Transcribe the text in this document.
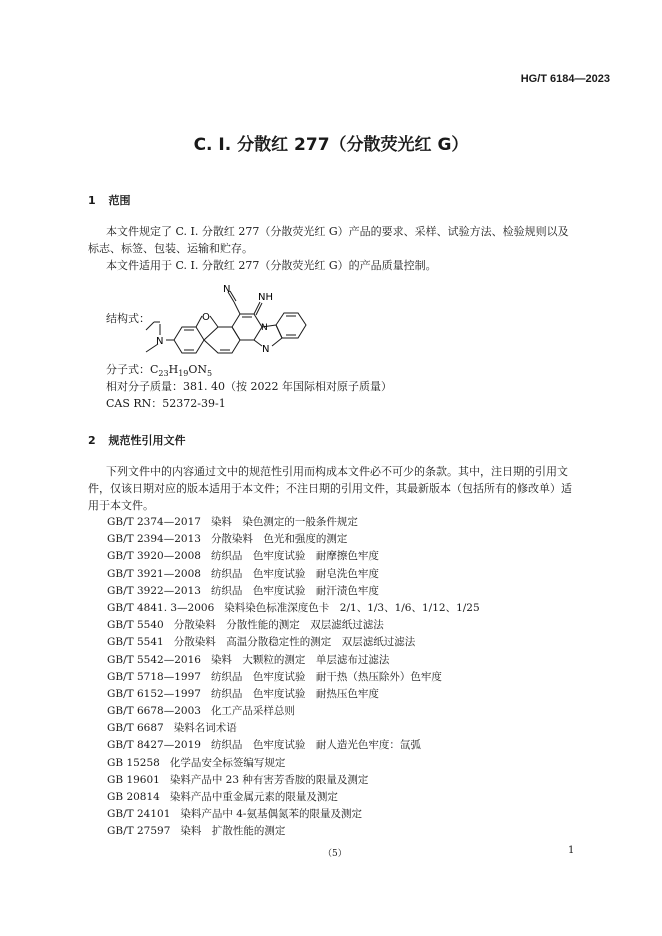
HG/T 6184—2023
C. I. 分散红 277（分散荧光红 G）
1 范围
本文件规定了 C. I. 分散红 277（分散荧光红 G）产品的要求、采样、试验方法、检验规则以及
标志、标签、包装、运输和贮存。
本文件适用于 C. I. 分散红 277（分散荧光红 G）的产品质量控制。
结构式：
N
NH
N
O
N
N
分子式：$C_{23}H_{19}ON_5$
相对分子质量：381. 40（按 2022 年国际相对原子质量）
CAS RN：52372-39-1
2 规范性引用文件
下列文件中的内容通过文中的规范性引用而构成本文件必不可少的条款。其中，注日期的引用文
件，仅该日期对应的版本适用于本文件；不注日期的引用文件，其最新版本（包括所有的修改单）适
用于本文件。
GB/T 2374—2017 染料　染色测定的一般条件规定
GB/T 2394—2013 分散染料　色光和强度的测定
GB/T 3920—2008 纺织品　色牢度试验　耐摩擦色牢度
GB/T 3921—2008 纺织品　色牢度试验　耐皂洗色牢度
GB/T 3922—2013 纺织品　色牢度试验　耐汗渍色牢度
GB/T 4841. 3—2006 染料染色标准深度色卡　2/1、1/3、1/6、1/12、1/25
GB/T 5540 分散染料　分散性能的测定　双层滤纸过滤法
GB/T 5541 分散染料　高温分散稳定性的测定　双层滤纸过滤法
GB/T 5542—2016 染料　大颗粒的测定　单层滤布过滤法
GB/T 5718—1997 纺织品　色牢度试验　耐干热（热压除外）色牢度
GB/T 6152—1997 纺织品　色牢度试验　耐热压色牢度
GB/T 6678—2003 化工产品采样总则
GB/T 6687 染料名词术语
GB/T 8427—2019 纺织品　色牢度试验　耐人造光色牢度：氙弧
GB 15258 化学品安全标签编写规定
GB 19601 染料产品中 23 种有害芳香胺的限量及测定
GB 20814 染料产品中重金属元素的限量及测定
GB/T 24101 染料产品中 4-氨基偶氮苯的限量及测定
GB/T 27597 染料　扩散性能的测定
（5）	1
